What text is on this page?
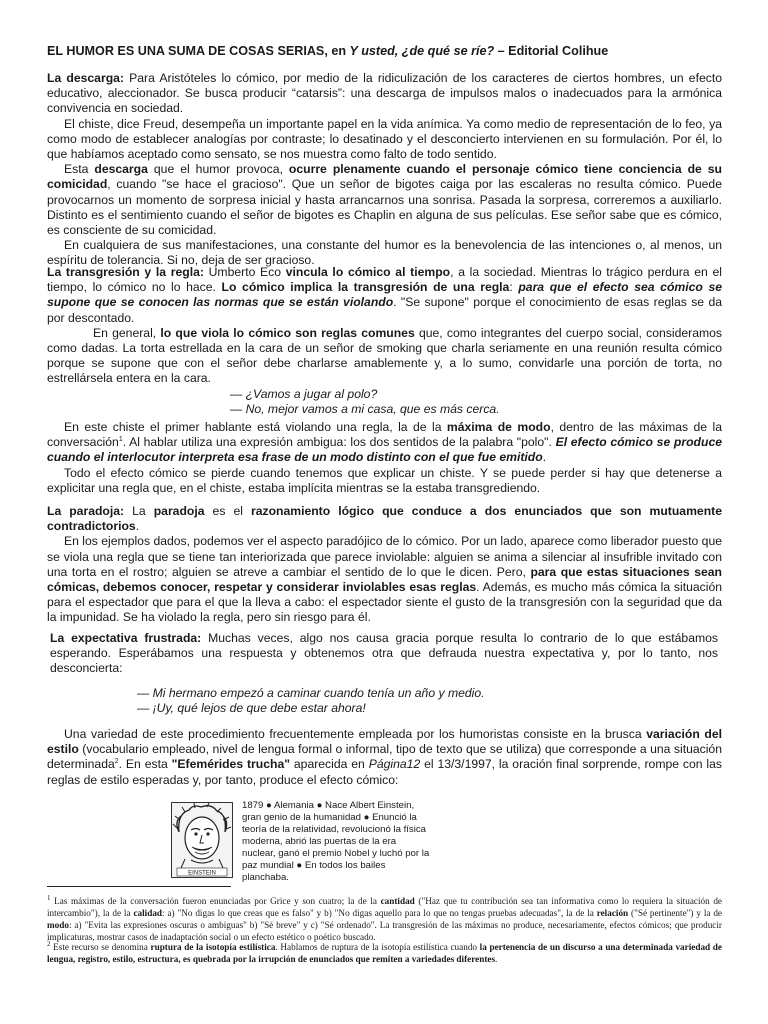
EL HUMOR ES UNA SUMA DE COSAS SERIAS, en Y usted, ¿de qué se ríe? – Editorial Colihue

La descarga: Para Aristóteles lo cómico, por medio de la ridiculización de los caracteres de ciertos hombres, un efecto educativo, aleccionador. Se busca producir “catarsis”: una descarga de impulsos malos o inadecuados para la armónica convivencia en sociedad.

El chiste, dice Freud, desempeña un importante papel en la vida anímica. Ya como medio de representación de lo feo, ya como modo de establecer analogías por contraste; lo desatinado y el desconcierto intervienen en su formulación. Por él, lo que habíamos aceptado como sensato, se nos muestra como falto de todo sentido.

Esta descarga que el humor provoca, ocurre plenamente cuando el personaje cómico tiene conciencia de su comicidad, cuando "se hace el gracioso". Que un señor de bigotes caiga por las escaleras no resulta cómico. Puede provocarnos un momento de sorpresa inicial y hasta arrancarnos una sonrisa. Pasada la sorpresa, correremos a auxiliarlo. Distinto es el sentimiento cuando el señor de bigotes es Chaplin en alguna de sus películas. Ese señor sabe que es cómico, es consciente de su comicidad.

En cualquiera de sus manifestaciones, una constante del humor es la benevolencia de las intenciones o, al menos, un espíritu de tolerancia. Si no, deja de ser gracioso.

La transgresión y la regla: Umberto Eco vincula lo cómico al tiempo, a la sociedad. Mientras lo trágico perdura en el tiempo, lo cómico no lo hace. Lo cómico implica la transgresión de una regla: para que el efecto sea cómico se supone que se conocen las normas que se están violando. "Se supone" porque el conocimiento de esas reglas se da por descontado.

En general, lo que viola lo cómico son reglas comunes que, como integrantes del cuerpo social, consideramos como dadas. La torta estrellada en la cara de un señor de smoking que charla seriamente en una reunión resulta cómico porque se supone que con el señor debe charlarse amablemente y, a lo sumo, convidarle una porción de torta, no estrellársela entera en la cara.

— ¿Vamos a jugar al polo?

— No, mejor vamos a mi casa, que es más cerca.

En este chiste el primer hablante está violando una regla, la de la máxima de modo, dentro de las máximas de la conversación$^1$. Al hablar utiliza una expresión ambigua: los dos sentidos de la palabra "polo". El efecto cómico se produce cuando el interlocutor interpreta esa frase de un modo distinto con el que fue emitido.

Todo el efecto cómico se pierde cuando tenemos que explicar un chiste. Y se puede perder si hay que detenerse a explicitar una regla que, en el chiste, estaba implícita mientras se la estaba transgrediendo.

La paradoja: La paradoja es el razonamiento lógico que conduce a dos enunciados que son mutuamente contradictorios.

En los ejemplos dados, podemos ver el aspecto paradójico de lo cómico. Por un lado, aparece como liberador puesto que se viola una regla que se tiene tan interiorizada que parece inviolable: alguien se anima a silenciar al insufrible invitado con una torta en el rostro; alguien se atreve a cambiar el sentido de lo que le dicen. Pero, para que estas situaciones sean cómicas, debemos conocer, respetar y considerar inviolables esas reglas. Además, es mucho más cómica la situación para el espectador que para el que la lleva a cabo: el espectador siente el gusto de la transgresión con la seguridad que da la impunidad. Se ha violado la regla, pero sin riesgo para él.

La expectativa frustrada: Muchas veces, algo nos causa gracia porque resulta lo contrario de lo que estábamos esperando. Esperábamos una respuesta y obtenemos otra que defrauda nuestra expectativa y, por lo tanto, nos desconcierta:

— Mi hermano empezó a caminar cuando tenía un año y medio.

— ¡Uy, qué lejos de que debe estar ahora!

Una variedad de este procedimiento frecuentemente empleada por los humoristas consiste en la brusca variación del estilo (vocabulario empleado, nivel de lengua formal o informal, tipo de texto que se utiliza) que corresponde a una situación determinada$^2$. En esta "Efemérides trucha" aparecida en Página12 el 13/3/1997, la oración final sorprende, rompe con las reglas de estilo esperadas y, por tanto, produce el efecto cómico:

EINSTEIN

1879 ● Alemania ● Nace Albert Einstein, gran genio de la humanidad ● Enunció la teoría de la relatividad, revolucionó la física moderna, abrió las puertas de la era nuclear, ganó el premio Nobel y luchó por la paz mundial ● En todos los bailes planchaba.

$^1$ Las máximas de la conversación fueron enunciadas por Grice y son cuatro; la de la cantidad ("Haz que tu contribución sea tan informativa como lo requiera la situación de intercambio"), la de la calidad: a) "No digas lo que creas que es falso" y b) "No digas aquello para lo que no tengas pruebas adecuadas", la de la relación ("Sé pertinente") y la de modo: a) "Evita las expresiones oscuras o ambiguas" b) "Sé breve" y c) "Sé ordenado". La transgresión de las máximas no produce, necesariamente, efectos cómicos; que producir implicaturas, mostrar casos de inadaptación social o un efecto estético o poético buscado.

$^2$ Este recurso se denomina ruptura de la isotopía estilística. Hablamos de ruptura de la isotopía estilística cuando la pertenencia de un discurso a una determinada variedad de lengua, registro, estilo, estructura, es quebrada por la irrupción de enunciados que remiten a variedades diferentes.
